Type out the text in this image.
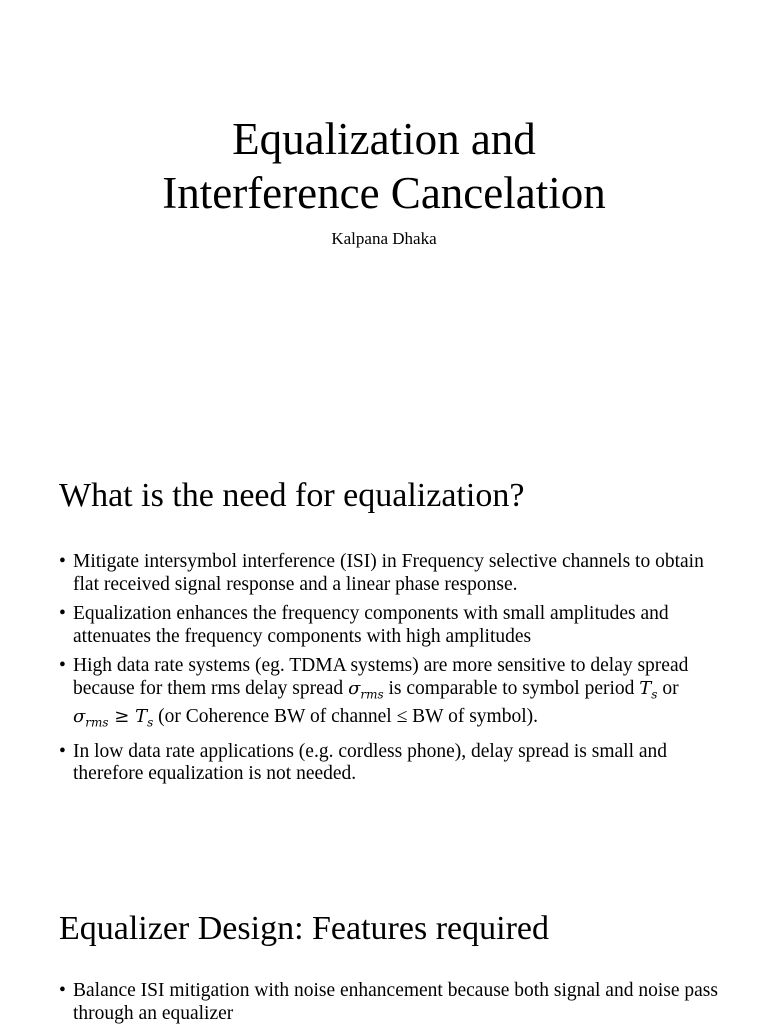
Equalization and
Interference Cancelation

Kalpana Dhaka

What is the need for equalization?
• Mitigate intersymbol interference (ISI) in Frequency selective channels to obtain flat received signal response and a linear phase response.
• Equalization enhances the frequency components with small amplitudes and attenuates the frequency components with high amplitudes
• High data rate systems (eg. TDMA systems) are more sensitive to delay spread because for them rms delay spread $\sigma_{rms}$ is comparable to symbol period $T_s$ or $\sigma_{rms} \ge T_s$ (or Coherence BW of channel ≤ BW of symbol).
• In low data rate applications (e.g. cordless phone), delay spread is small and therefore equalization is not needed.
Equalizer Design: Features required
• Balance ISI mitigation with noise enhancement because both signal and noise pass through an equalizer
